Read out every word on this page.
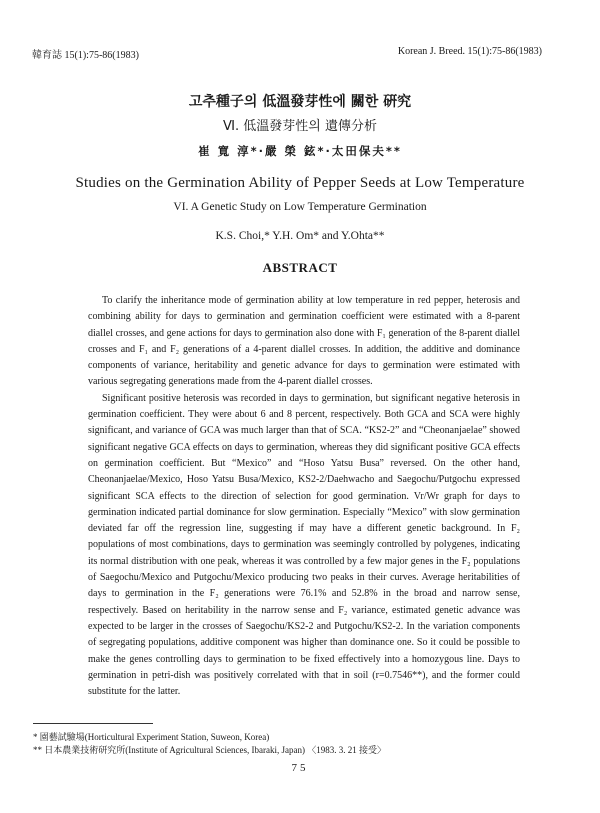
韓育誌 15(1):75-86(1983)	Korean J. Breed. 15(1):75-86(1983)
고추種子의 低溫發芽性에 關한 硏究
Ⅵ. 低溫發芽性의 遺傳分析
崔 寬 淳*·嚴 榮 鉉*·太田保夫**
Studies on the Germination Ability of Pepper Seeds at Low Temperature
VI. A Genetic Study on Low Temperature Germination
K.S. Choi,* Y.H. Om* and Y.Ohta**
ABSTRACT

To clarify the inheritance mode of germination ability at low temperature in red pepper, heterosis and combining ability for days to germination and germination coefficient were estimated with a 8-parent diallel crosses, and gene actions for days to germination also done with F₁ generation of the 8-parent diallel crosses and F₁ and F₂ generations of a 4-parent diallel crosses. In addition, the additive and dominance components of variance, heritability and genetic advance for days to germination were estimated with various segregating generations made from the 4-parent diallel crosses.

Significant positive heterosis was recorded in days to germination, but significant negative heterosis in germination coefficient. They were about 6 and 8 percent, respectively. Both GCA and SCA were highly significant, and variance of GCA was much larger than that of SCA. “KS2-2” and “Cheonanjaelae” showed significant negative GCA effects on days to germination, whereas they did significant positive GCA effects on germination coefficient. But “Mexico” and “Hoso Yatsu Busa” reversed. On the other hand, Cheonanjaelae/Mexico, Hoso Yatsu Busa/Mexico, KS2-2/Daehwacho and Saegochu/Putgochu expressed significant SCA effects to the direction of selection for good germination. Vr/Wr graph for days to germination indicated partial dominance for slow germination. Especially “Mexico” with slow germination deviated far off the regression line, suggesting if may have a different genetic background. In F₂ populations of most combinations, days to germination was seemingly controlled by polygenes, indicating its normal distribution with one peak, whereas it was controlled by a few major genes in the F₂ populations of Saegochu/Mexico and Putgochu/Mexico producing two peaks in their curves. Average heritabilities of days to germination in the F₂ generations were 76.1% and 52.8% in the broad and narrow sense, respectively. Based on heritability in the narrow sense and F₂ variance, estimated genetic advance was expected to be larger in the crosses of Saegochu/KS2-2 and Putgochu/KS2-2. In the variation components of segregating populations, additive component was higher than dominance one. So it could be possible to make the genes controlling days to germination to be fixed effectively into a homozygous line. Days to germination in petri-dish was positively correlated with that in soil (r=0.7546**), and the former could substitute for the latter.

* 園藝試驗場(Horticultural Experiment Station, Suweon, Korea)
** 日本農業技術研究所(Institute of Agricultural Sciences, Ibaraki, Japan) 〈1983. 3. 21 接受〉
75
